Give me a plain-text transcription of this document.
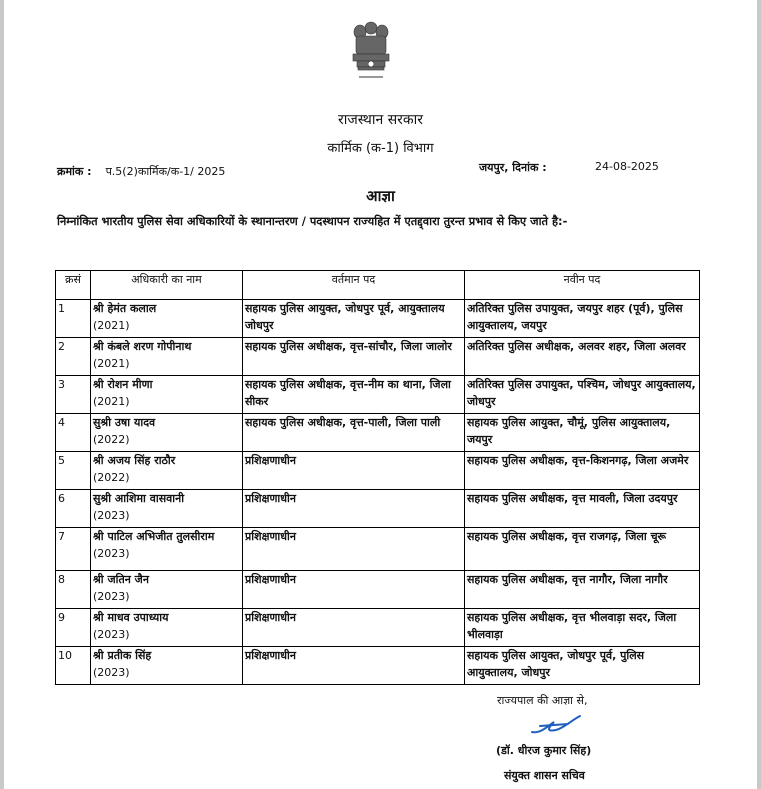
राजस्थान सरकार
कार्मिक (क-1) विभाग
क्रमांक : प.5(2)कार्मिक/क-1/ 2025	जयपुर, दिनांक :	24-08-2025
आज्ञा
निम्नांकित भारतीय पुलिस सेवा अधिकारियों के स्थानान्तरण / पदस्थापन राज्यहित में एतद्द्वारा तुरन्त प्रभाव से किए जाते है:-
क्रसं	अधिकारी का नाम	वर्तमान पद	नवीन पद
1	श्री हेमंत कलाल
(2021)	सहायक पुलिस आयुक्त, जोधपुर पूर्व, आयुक्तालय जोधपुर	अतिरिक्त पुलिस उपायुक्त, जयपुर शहर (पूर्व), पुलिस आयुक्तालय, जयपुर
2	श्री कंबले शरण गोपीनाथ
(2021)	सहायक पुलिस अधीक्षक, वृत्त-सांचौर, जिला जालोर	अतिरिक्त पुलिस अधीक्षक, अलवर शहर, जिला अलवर
3	श्री रोशन मीणा
(2021)	सहायक पुलिस अधीक्षक, वृत्त-नीम का थाना, जिला सीकर	अतिरिक्त पुलिस उपायुक्त, पश्चिम, जोधपुर आयुक्तालय, जोधपुर
4	सुश्री उषा यादव
(2022)	सहायक पुलिस अधीक्षक, वृत्त-पाली, जिला पाली	सहायक पुलिस आयुक्त, चौमूं, पुलिस आयुक्तालय, जयपुर
5	श्री अजय सिंह राठौर
(2022)	प्रशिक्षणाधीन	सहायक पुलिस अधीक्षक, वृत्त-किशनगढ़, जिला अजमेर
6	सुश्री आशिमा वासवानी
(2023)	प्रशिक्षणाधीन	सहायक पुलिस अधीक्षक, वृत्त मावली, जिला उदयपुर
7	श्री पाटिल अभिजीत तुलसीराम
(2023)	प्रशिक्षणाधीन	सहायक पुलिस अधीक्षक, वृत्त राजगढ़, जिला चूरू
8	श्री जतिन जैन
(2023)	प्रशिक्षणाधीन	सहायक पुलिस अधीक्षक, वृत्त नागौर, जिला नागौर
9	श्री माधव उपाध्याय
(2023)	प्रशिक्षणाधीन	सहायक पुलिस अधीक्षक, वृत्त भीलवाड़ा सदर, जिला भीलवाड़ा
10	श्री प्रतीक सिंह
(2023)	प्रशिक्षणाधीन	सहायक पुलिस आयुक्त, जोधपुर पूर्व, पुलिस आयुक्तालय, जोधपुर
राज्यपाल की आज्ञा से,
(डॉ. धीरज कुमार सिंह)
संयुक्त शासन सचिव
